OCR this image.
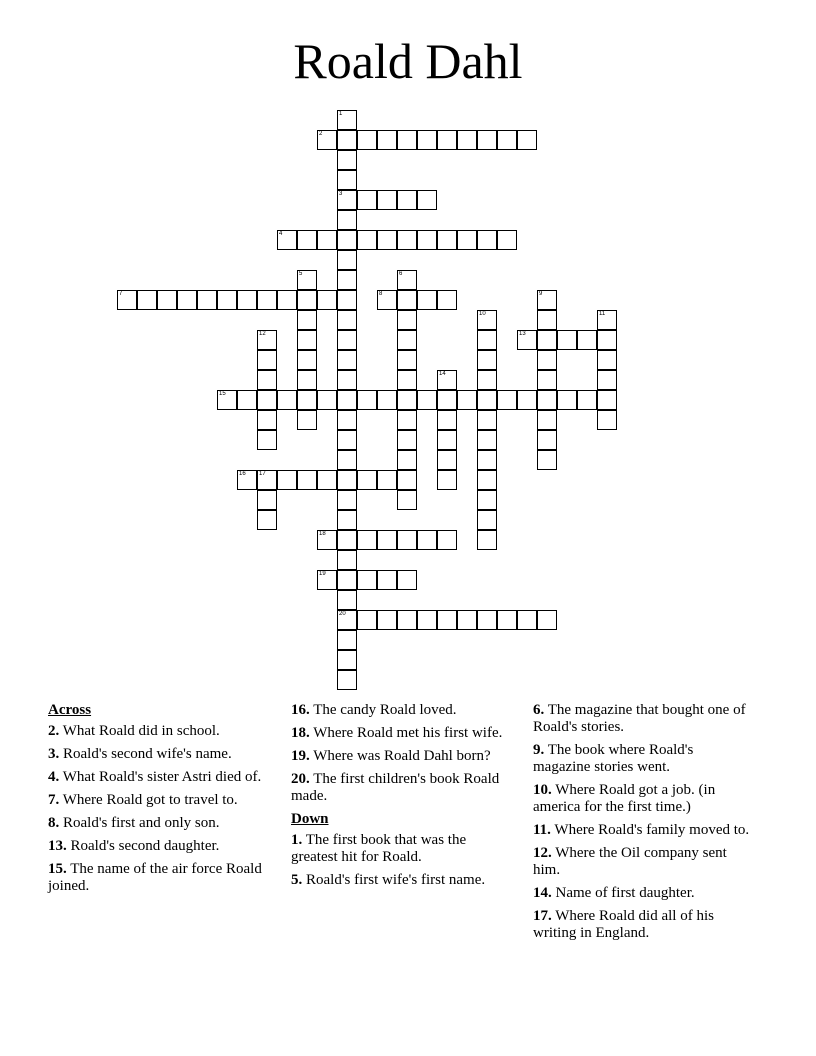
Roald Dahl
1
3
20
2
4
5	6
7	8	9
10	11
12	13
14
15
16 17
18
19
Across
2. What Roald did in school.
3. Roald's second wife's name.
4. What Roald's sister Astri died of.
7. Where Roald got to travel to.
8. Roald's first and only son.
13. Roald's second daughter.
15. The name of the air force Roald joined.
16. The candy Roald loved.
18. Where Roald met his first wife.
19. Where was Roald Dahl born?
20. The first children's book Roald made.
Down
1. The first book that was the greatest hit for Roald.
5. Roald's first wife's first name.
6. The magazine that bought one of Roald's stories.
9. The book where Roald's magazine stories went.
10. Where Roald got a job. (in america for the first time.)
11. Where Roald's family moved to.
12. Where the Oil company sent him.
14. Name of first daughter.
17. Where Roald did all of his writing in England.
